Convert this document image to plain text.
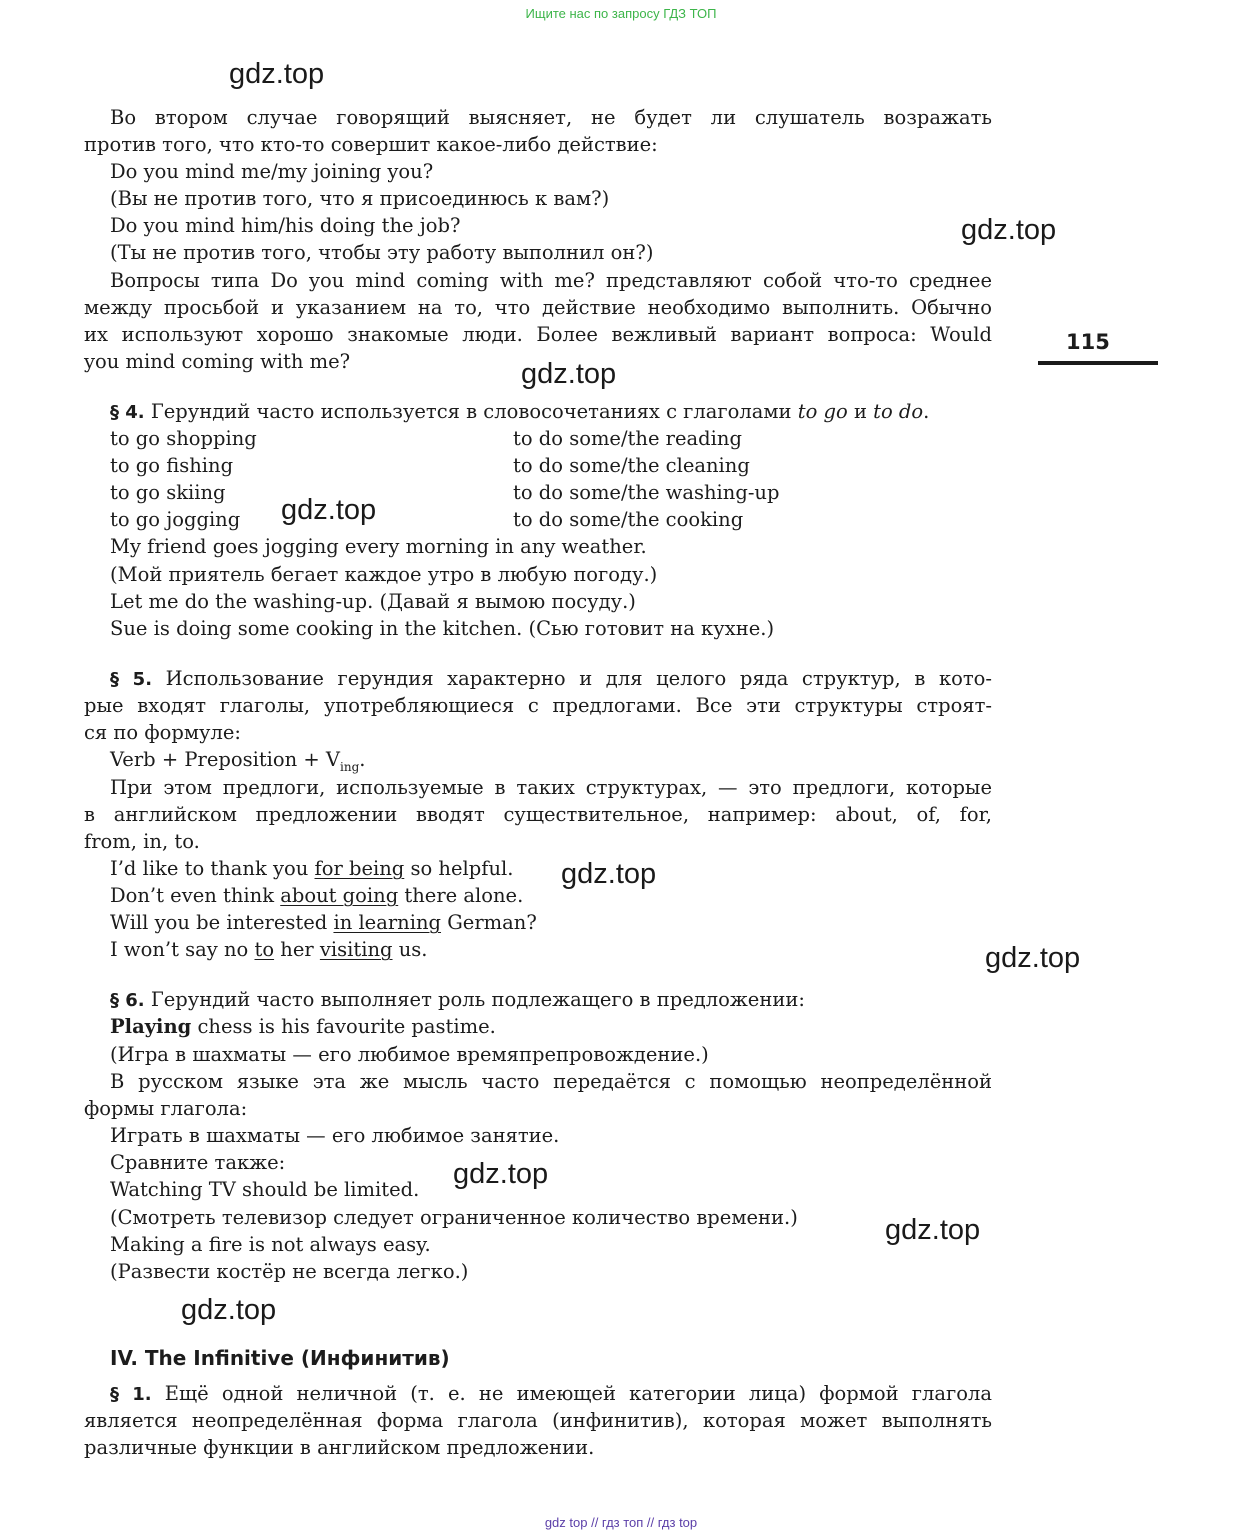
Ищите нас по запросу ГДЗ ТОП
gdz.top
gdz.top
gdz.top
gdz.top
gdz.top
gdz.top
gdz.top
gdz.top
gdz.top
115
Во втором случае говорящий выясняет, не будет ли слушатель возражать
против того, что кто-то совершит какое-либо действие:
Do you mind me/my joining you?
(Вы не против того, что я присоединюсь к вам?)
Do you mind him/his doing the job?
(Ты не против того, чтобы эту работу выполнил он?)
Вопросы типа Do you mind coming with me? представляют собой что-то среднее
между просьбой и указанием на то, что действие необходимо выполнить. Обычно
их используют хорошо знакомые люди. Более вежливый вариант вопроса: Would
you mind coming with me?
§ 4. Герундий часто используется в словосочетаниях с глаголами to go и to do.
to go shopping	to do some/the reading
to go fishing	to do some/the cleaning
to go skiing	to do some/the washing-up
to go jogging	to do some/the cooking
My friend goes jogging every morning in any weather.
(Мой приятель бегает каждое утро в любую погоду.)
Let me do the washing-up. (Давай я вымою посуду.)
Sue is doing some cooking in the kitchen. (Сью готовит на кухне.)
§ 5. Использование герундия характерно и для целого ряда структур, в кото-
рые входят глаголы, употребляющиеся с предлогами. Все эти структуры строят-
ся по формуле:
Verb + Preposition + $V_{ing}$.
При этом предлоги, используемые в таких структурах, — это предлоги, которые
в английском предложении вводят существительное, например: about, of, for,
from, in, to.
I’d like to thank you for being so helpful.
Don’t even think about going there alone.
Will you be interested in learning German?
I won’t say no to her visiting us.
§ 6. Герундий часто выполняет роль подлежащего в предложении:
Playing chess is his favourite pastime.
(Игра в шахматы — его любимое времяпрепровождение.)
В русском языке эта же мысль часто передаётся с помощью неопределённой
формы глагола:
Играть в шахматы — его любимое занятие.
Сравните также:
Watching TV should be limited.
(Смотреть телевизор следует ограниченное количество времени.)
Making a fire is not always easy.
(Развести костёр не всегда легко.)
§ 1. Ещё одной неличной (т. е. не имеющей категории лица) формой глагола
является неопределённая форма глагола (инфинитив), которая может выполнять
различные функции в английском предложении.
IV. The Infinitive (Инфинитив)
gdz top // гдз топ // гдз top
